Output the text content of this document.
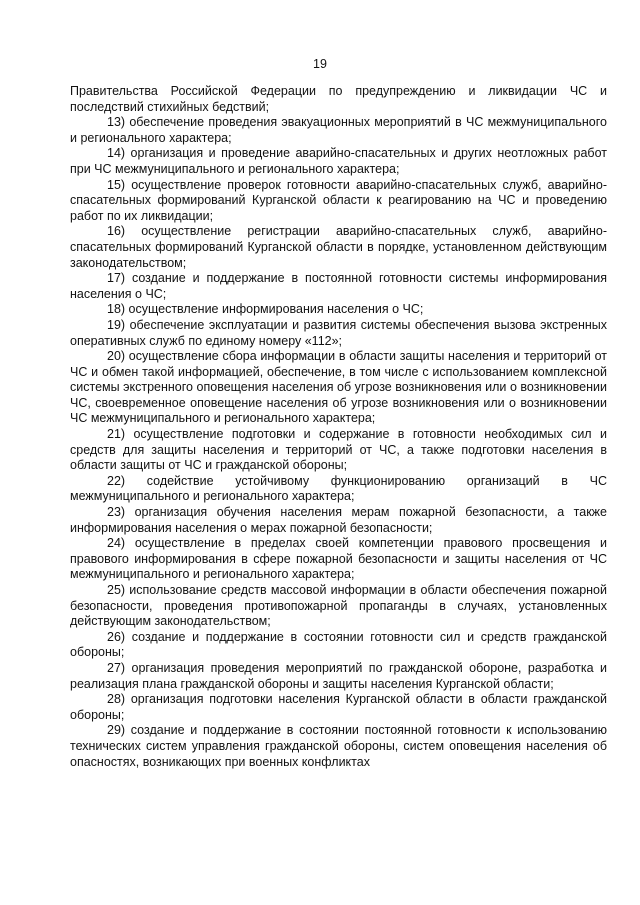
19

Правительства Российской Федерации по предупреждению и ликвидации ЧС и последствий стихийных бедствий;

13) обеспечение проведения эвакуационных мероприятий в ЧС межмуниципального и регионального характера;

14) организация и проведение аварийно-спасательных и других неотложных работ при ЧС межмуниципального и регионального характера;

15) осуществление проверок готовности аварийно-спасательных служб, аварийно-спасательных формирований Курганской области к реагированию на ЧС и проведению работ по их ликвидации;

16) осуществление регистрации аварийно-спасательных служб, аварийно-спасательных формирований Курганской области в порядке, установленном действующим законодательством;

17) создание и поддержание в постоянной готовности системы информирования населения о ЧС;

18) осуществление информирования населения о ЧС;

19) обеспечение эксплуатации и развития системы обеспечения вызова экстренных оперативных служб по единому номеру «112»;

20) осуществление сбора информации в области защиты населения и территорий от ЧС и обмен такой информацией, обеспечение, в том числе с использованием комплексной системы экстренного оповещения населения об угрозе возникновения или о возникновении ЧС, своевременное оповещение населения об угрозе возникновения или о возникновении ЧС межмуниципального и регионального характера;

21) осуществление подготовки и содержание в готовности необходимых сил и средств для защиты населения и территорий от ЧС, а также подготовки населения в области защиты от ЧС и гражданской обороны;

22) содействие устойчивому функционированию организаций в ЧС межмуниципального и регионального характера;

23) организация обучения населения мерам пожарной безопасности, а также информирования населения о мерах пожарной безопасности;

24) осуществление в пределах своей компетенции правового просвещения и правового информирования в сфере пожарной безопасности и защиты населения от ЧС межмуниципального и регионального характера;

25) использование средств массовой информации в области обеспечения пожарной безопасности, проведения противопожарной пропаганды в случаях, установленных действующим законодательством;

26) создание и поддержание в состоянии готовности сил и средств гражданской обороны;

27) организация проведения мероприятий по гражданской обороне, разработка и реализация плана гражданской обороны и защиты населения Курганской области;

28) организация подготовки населения Курганской области в области гражданской обороны;

29) создание и поддержание в состоянии постоянной готовности к использованию технических систем управления гражданской обороны, систем оповещения населения об опасностях, возникающих при военных конфликтах
